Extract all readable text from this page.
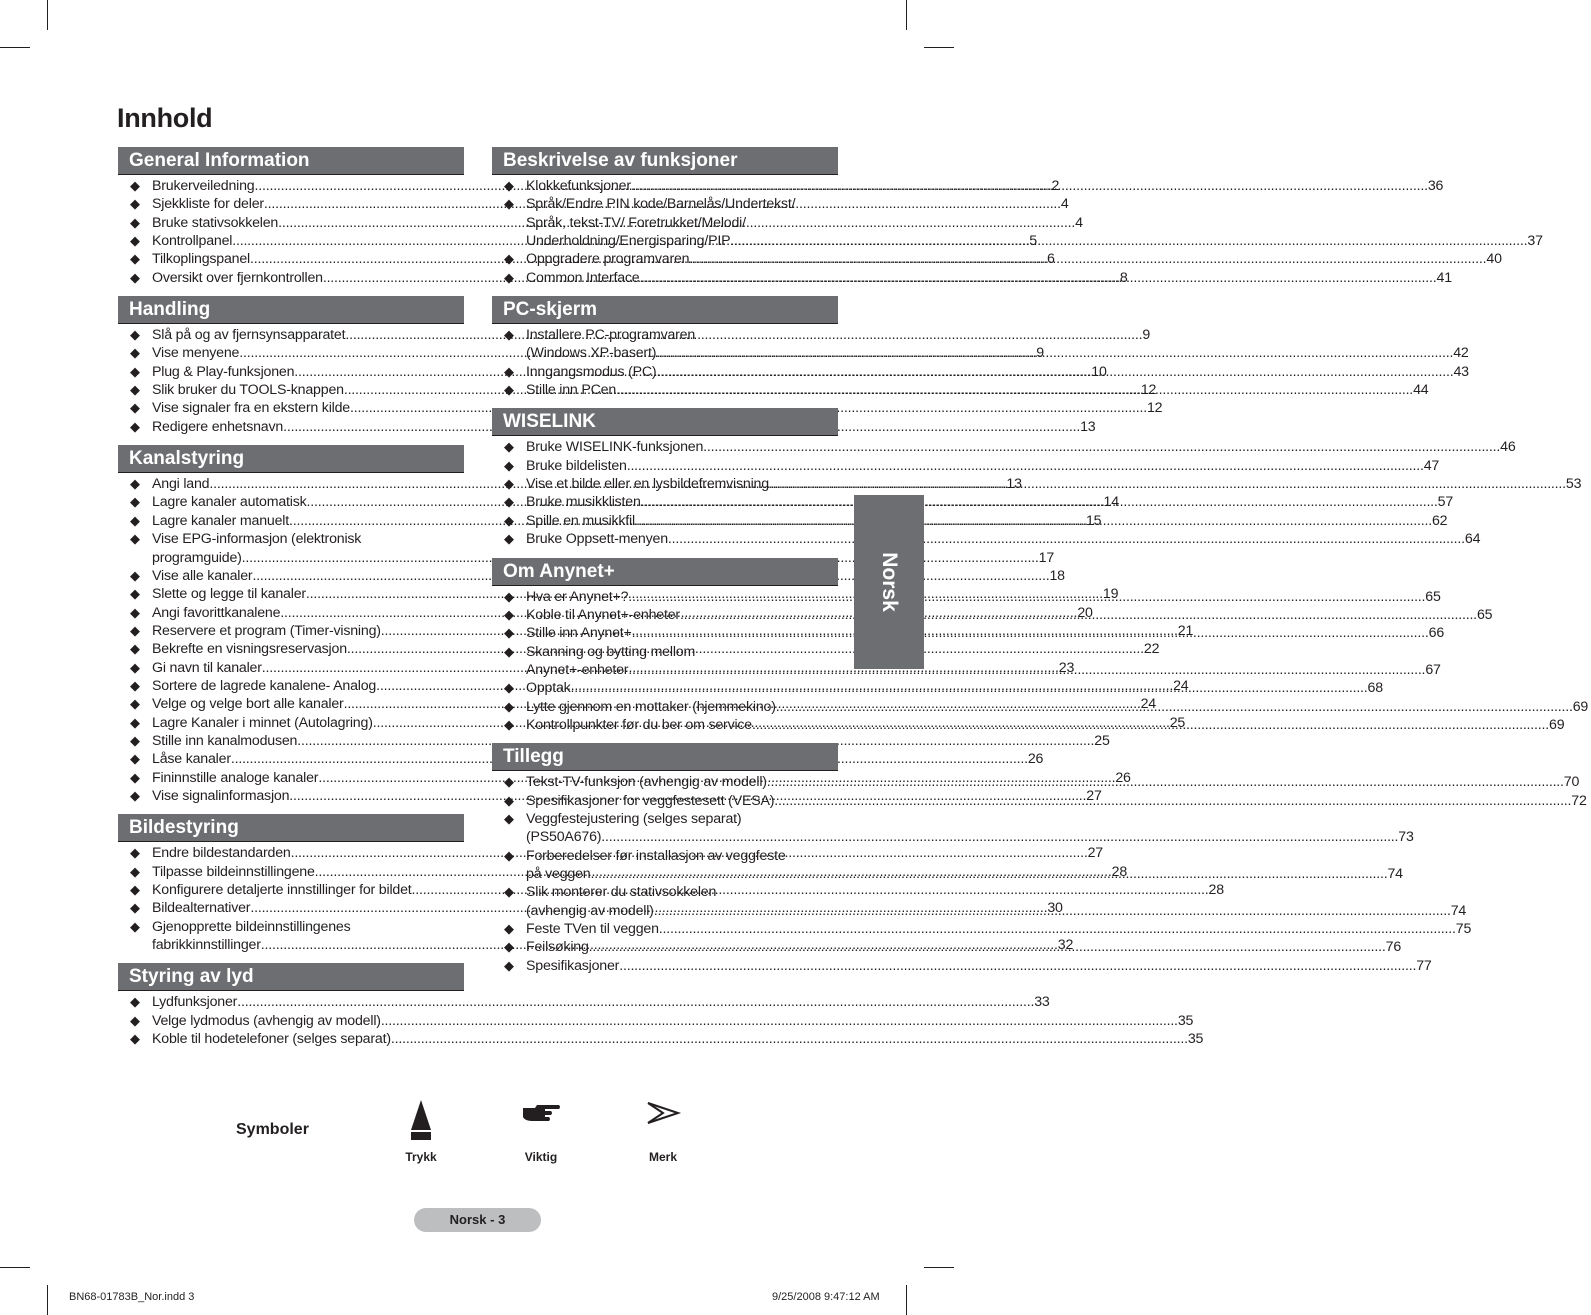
Innhold
General Information
◆ Brukerveiledning .....	2
◆ Sjekkliste for deler .....	4
◆ Bruke stativsokkelen .....	4
◆ Kontrollpanel .....	5
◆ Tilkoplingspanel .....	6
◆ Oversikt over fjernkontrollen .....	8
Handling
◆ Slå på og av fjernsynsapparatet .....	9
◆ Vise menyene .....	9
◆ Plug & Play-funksjonen .....	10
◆ Slik bruker du TOOLS-knappen .....	12
◆ Vise signaler fra en ekstern kilde .....	12
◆ Redigere enhetsnavn .....	13
Kanalstyring
◆ Angi land .....	13
◆ Lagre kanaler automatisk .....	14
◆ Lagre kanaler manuelt .....	15
◆ Vise EPG-informasjon (elektronisk
programguide) .....	17
◆ Vise alle kanaler .....	18
◆ Slette og legge til kanaler .....	19
◆ Angi favorittkanalene .....	20
◆ Reservere et program (Timer-visning) .....	21
◆ Bekrefte en visningsreservasjon .....	22
◆ Gi navn til kanaler .....	23
◆ Sortere de lagrede kanalene- Analog .....	24
◆ Velge og velge bort alle kanaler .....	24
◆ Lagre Kanaler i minnet (Autolagring) .....	25
◆ Stille inn kanalmodusen .....	25
◆ Låse kanaler .....	26
◆ Fininnstille analoge kanaler .....	26
◆ Vise signalinformasjon .....	27
Bildestyring
◆ Endre bildestandarden .....	27
◆ Tilpasse bildeinnstillingene .....	28
◆ Konfigurere detaljerte innstillinger for bildet .....	28
◆ Bildealternativer .....	30
◆ Gjenopprette bildeinnstillingenes
fabrikkinnstillinger .....	32
Styring av lyd
◆ Lydfunksjoner .....	33
◆ Velge lydmodus (avhengig av modell) .....	35
◆ Koble til hodetelefoner (selges separat) .....	35
Beskrivelse av funksjoner
◆ Klokkefunksjoner .....	36
◆ Språk/Endre PIN kode/Barnelås/Undertekst/
Språk, tekst-TV/ Foretrukket/Melodi/
Underholdning/Energisparing/PIP .....	37
◆ Oppgradere programvaren .....	40
◆ Common Interface .....	41
PC-skjerm
◆ Installere PC-programvaren
(Windows XP-basert) .....	42
◆ Inngangsmodus (PC) .....	43
◆ Stille inn PCen .....	44
WISELINK
◆ Bruke WISELINK-funksjonen .....	46
◆ Bruke bildelisten .....	47
◆ Vise et bilde eller en lysbildefremvisning .....	53
◆ Bruke musikklisten .....	57
◆ Spille en musikkfil .....	62
◆ Bruke Oppsett-menyen .....	64
Om Anynet+
◆ Hva er Anynet+? .....	65
◆ Koble til Anynet+-enheter .....	65
◆ Stille inn Anynet+ .....	66
◆ Skanning og bytting mellom
Anynet+-enheter .....	67
◆ Opptak .....	68
◆ Lytte gjennom en mottaker (hjemmekino) .....	69
◆ Kontrollpunkter før du ber om service .....	69
Tillegg
◆ Tekst-TV-funksjon (avhengig av modell) .....	70
◆ Spesifikasjoner for veggfestesett (VESA) .....	72
◆ Veggfestejustering (selges separat)
(PS50A676) .....	73
◆ Forberedelser før installasjon av veggfeste
på veggen .....	74
◆ Slik monterer du stativsokkelen
(avhengig av modell) .....	74
◆ Feste TVen til veggen .....	75
◆ Feilsøking .....	76
◆ Spesifikasjoner .....	77
Norsk
Symboler
Trykk	Viktig	Merk
Norsk - 3
BN68-01783B_Nor.indd 3	9/25/2008 9:47:12 AM
